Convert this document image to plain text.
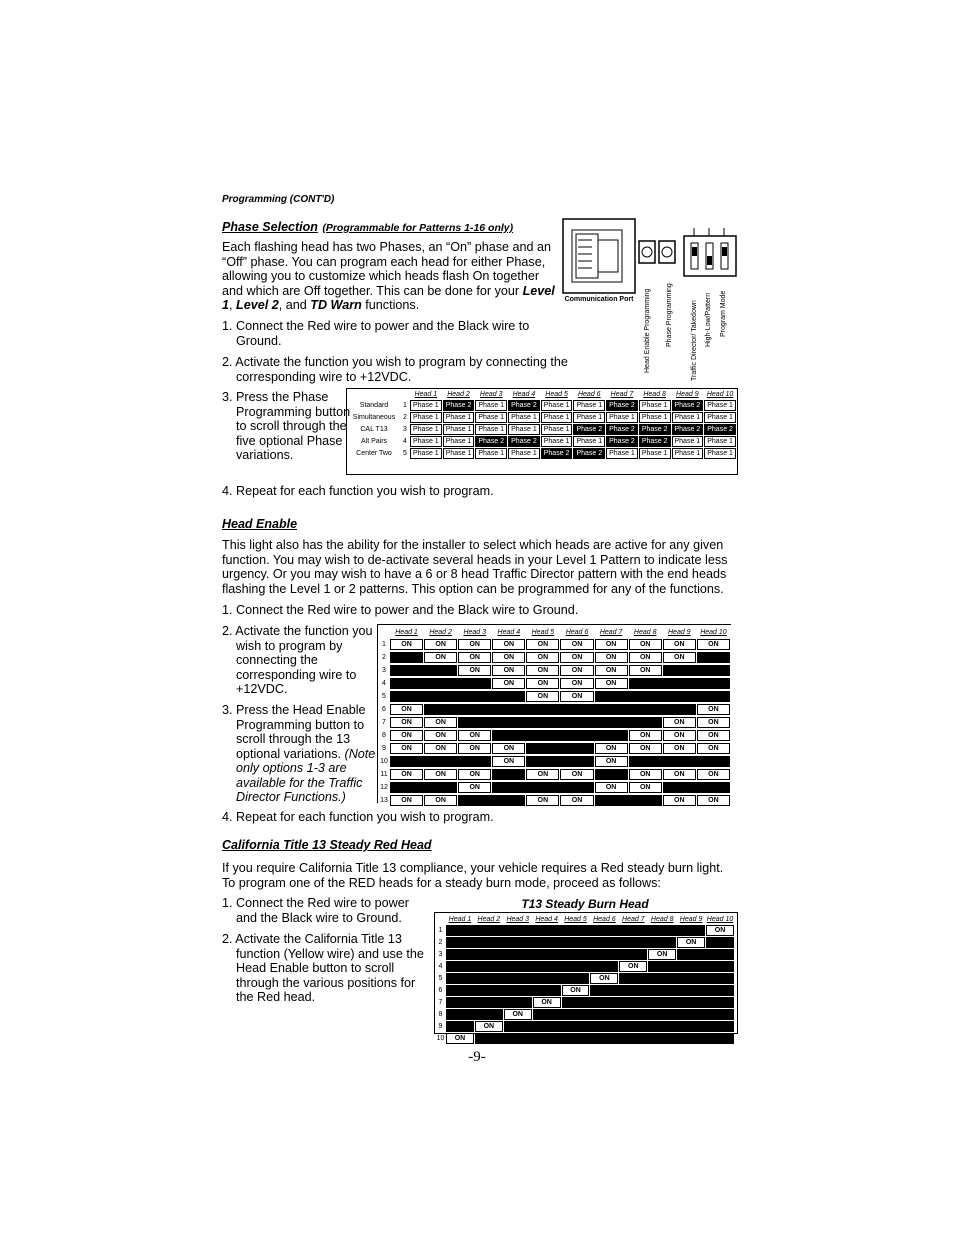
Programming (CONT'D)
Phase Selection (Programmable for Patterns 1-16 only)

Each flashing head has two Phases, an “On” phase and an “Off” phase. You can program each head for either Phase, allowing you to customize which heads flash On together and which are Off together. This can be done for your Level 1, Level 2, and TD Warn functions.

1. Connect the Red wire to power and the Black wire to Ground.

2. Activate the function you wish to program by connecting the corresponding wire to +12VDC.

3. Press the Phase Programming button to scroll through the five optional Phase variations.

4. Repeat for each function you wish to program.

Communication Port	Head Enable Programming Phase Programming	Traffic Director/ Takedown High-Low/Pattern Program Mode
		Head 1	Head 2	Head 3	Head 4	Head 5	Head 6	Head 7	Head 8	Head 9	Head 10
Standard	1	Phase 1	Phase 2	Phase 1	Phase 2	Phase 1	Phase 1	Phase 2	Phase 1	Phase 2	Phase 1
Simultaneous	2	Phase 1	Phase 1	Phase 1	Phase 1	Phase 1	Phase 1	Phase 1	Phase 1	Phase 1	Phase 1
CAL T13	3	Phase 1	Phase 1	Phase 1	Phase 1	Phase 1	Phase 2	Phase 2	Phase 2	Phase 2	Phase 2
Alt Pairs	4	Phase 1	Phase 1	Phase 2	Phase 2	Phase 1	Phase 1	Phase 2	Phase 2	Phase 1	Phase 1
Center Two	5	Phase 1	Phase 1	Phase 1	Phase 1	Phase 2	Phase 2	Phase 1	Phase 1	Phase 1	Phase 1
Head Enable

This light also has the ability for the installer to select which heads are active for any given function. You may wish to de-activate several heads in your Level 1 Pattern to indicate less urgency. Or you may wish to have a 6 or 8 head Traffic Director pattern with the end heads flashing the Level 1 or 2 patterns. This option can be programmed for any of the functions.

1. Connect the Red wire to power and the Black wire to Ground.

2. Activate the function you wish to program by connecting the corresponding wire to +12VDC.

3. Press the Head Enable Programming button to scroll through the 13 optional variations. (Note only options 1-3 are available for the Traffic Director Functions.)

4. Repeat for each function you wish to program.

	Head 1	Head 2	Head 3	Head 4	Head 5	Head 6	Head 7	Head 8	Head 9	Head 10
1	ON	ON	ON	ON	ON	ON	ON	ON	ON	ON
2		ON	ON	ON	ON	ON	ON	ON	ON	
3			ON	ON	ON	ON	ON	ON		
4				ON	ON	ON	ON			
5					ON	ON				
6	ON									ON
7	ON	ON							ON	ON
8	ON	ON	ON					ON	ON	ON
9	ON	ON	ON	ON			ON	ON	ON	ON
10				ON			ON			
11	ON	ON	ON		ON	ON		ON	ON	ON
12			ON				ON	ON		
13	ON	ON			ON	ON			ON	ON
California Title 13 Steady Red Head

If you require California Title 13 compliance, your vehicle requires a Red steady burn light. To program one of the RED heads for a steady burn mode, proceed as follows:

1. Connect the Red wire to power and the Black wire to Ground.

2. Activate the California Title 13 function (Yellow wire) and use the Head Enable button to scroll through the various positions for the Red head.

T13 Steady Burn Head
	Head 1	Head 2	Head 3	Head 4	Head 5	Head 6	Head 7	Head 8	Head 9	Head 10
1										ON
2									ON	
3								ON		
4							ON			
5						ON				
6					ON					
7				ON						
8			ON							
9		ON								
10	ON									
-9-
